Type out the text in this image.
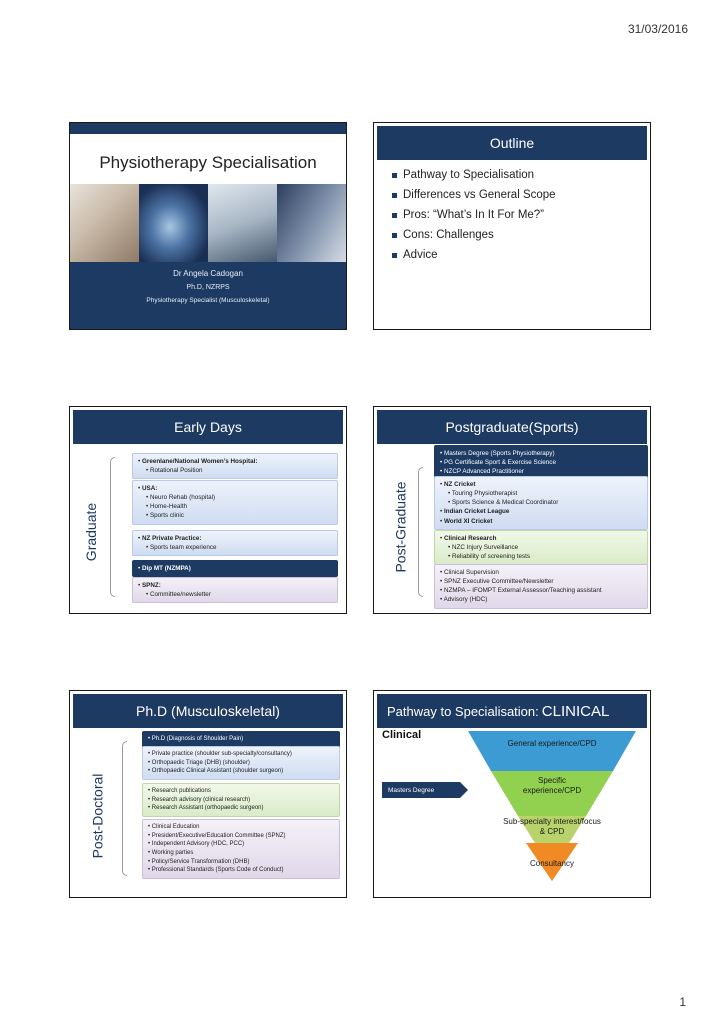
31/03/2016
Physiotherapy Specialisation
Dr Angela Cadogan
Ph.D, NZRPS
Physiotherapy Specialist (Musculoskeletal)
Outline
Pathway to Specialisation
Differences vs General Scope
Pros: “What’s In It For Me?”
Cons: Challenges
Advice
Early Days
Graduate
• Greenlane/National Women’s Hospital:
• Rotational Position
• USA:
• Neuro Rehab (hospital)
• Home-Health
• Sports clinic
• NZ Private Practice:
• Sports team experience
• Dip MT (NZMPA)
• SPNZ:
• Committee/newsletter
Postgraduate(Sports)
Post-Graduate
• Masters Degree (Sports Physiotherapy)
• PG Certificate Sport & Exercise Science
• NZCP Advanced Practitioner
• NZ Cricket
• Touring Physiotherapist
• Sports Science & Medical Coordinator
• Indian Cricket League
• World XI Cricket
• Clinical Research
• NZC Injury Surveillance
• Reliability of screening tests
• Clinical Supervision
• SPNZ Executive Committee/Newsletter
• NZMPA – IFOMPT External Assessor/Teaching assistant
• Advisory (HDC)
Ph.D (Musculoskeletal)
Post-Doctoral
• Ph.D (Diagnosis of Shoulder Pain)
• Private practice (shoulder sub-specialty/consultancy)
• Orthopaedic Triage (DHB) (shoulder)
• Orthopaedic Clinical Assistant (shoulder surgeon)
• Research publications
• Research advisory (clinical research)
• Research Assistant (orthopaedic surgeon)
• Clinical Education
• President/Executive/Education Committee (SPNZ)
• Independent Advisory (HDC, PCC)
• Working parties
• Policy/Service Transformation (DHB)
• Professional Standards (Sports Code of Conduct)
Pathway to Specialisation: CLINICAL
Clinical
Masters Degree
General experience/CPD
Specific experience/CPD
Sub-specialty interest/focus & CPD
Consultancy
1
